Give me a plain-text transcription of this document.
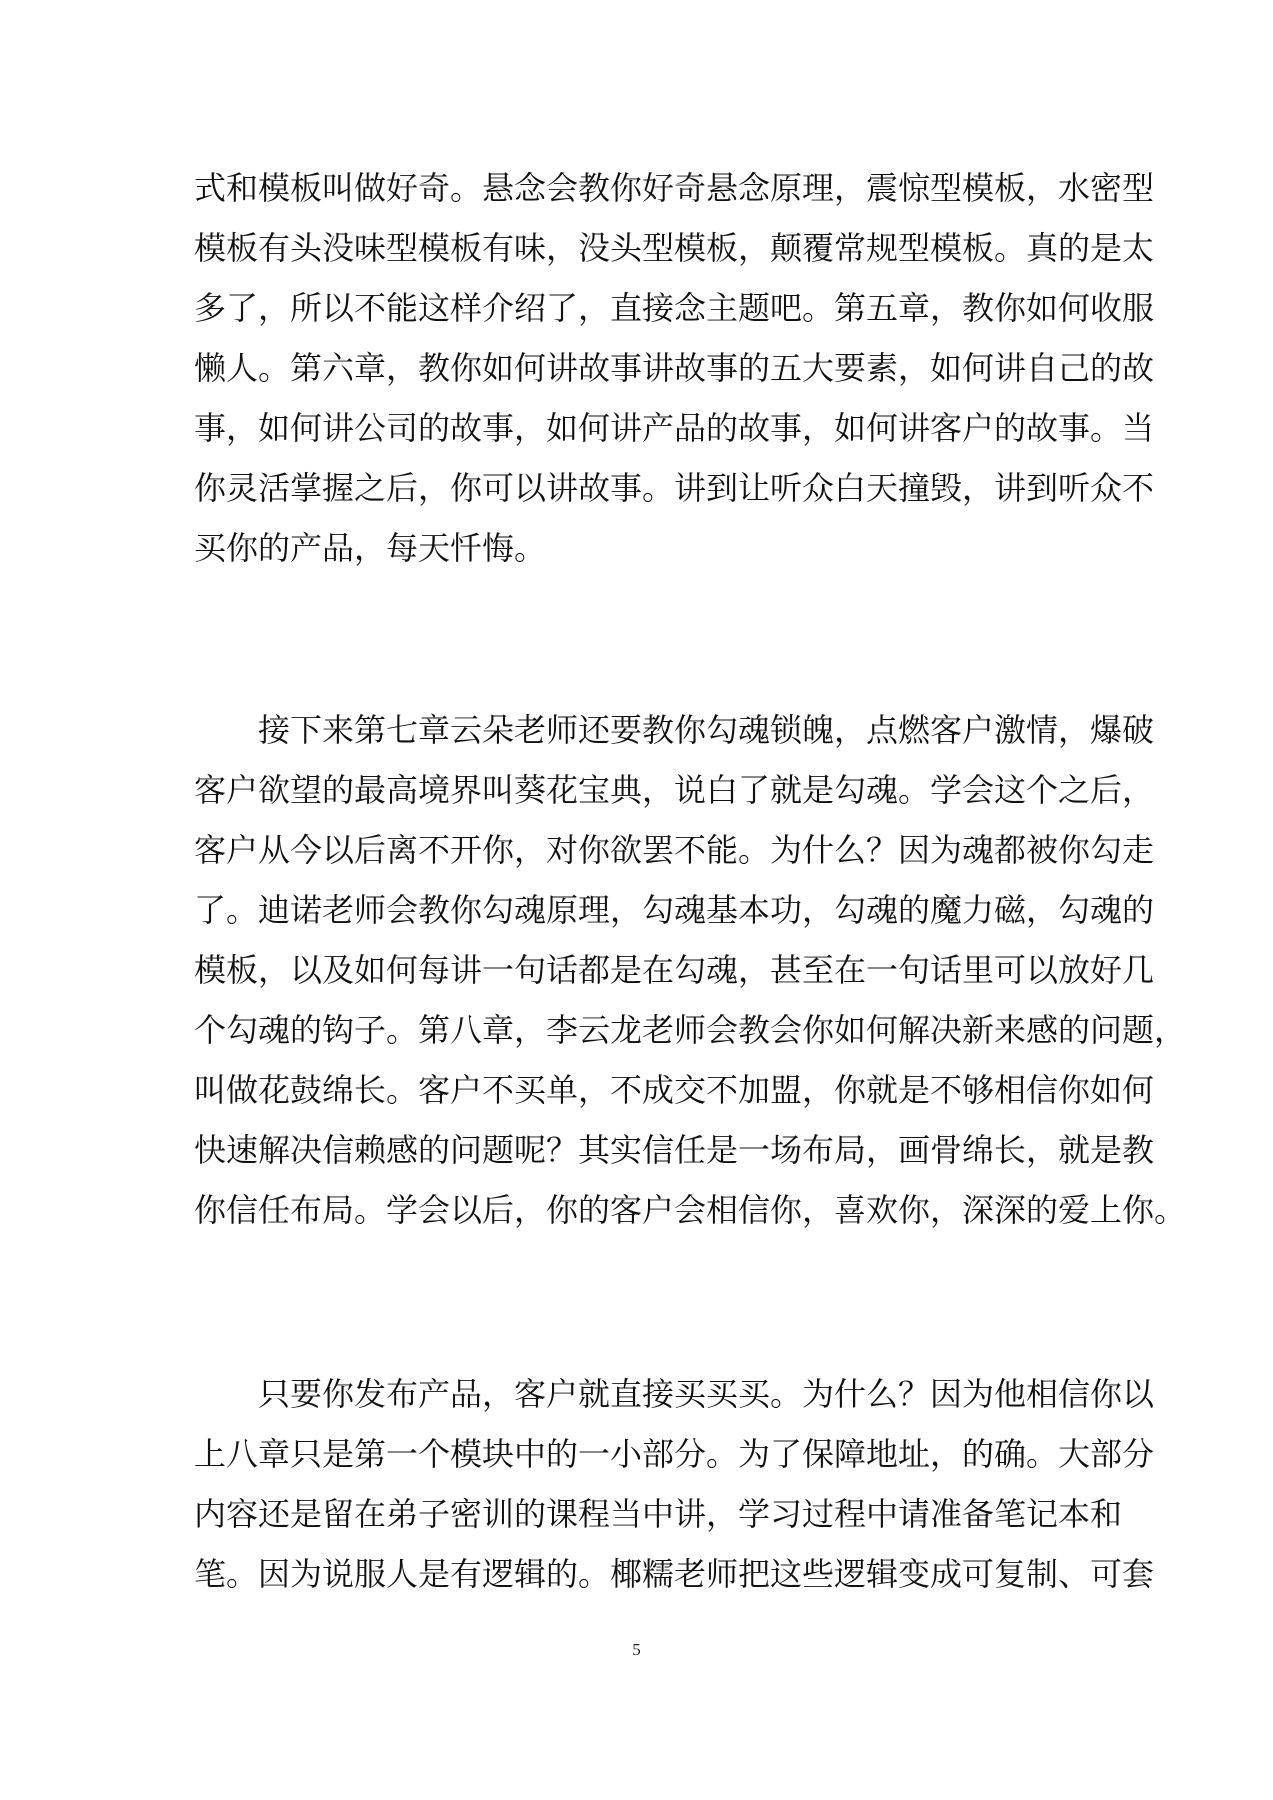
式和模板叫做好奇。悬念会教你好奇悬念原理，震惊型模板，水密型
模板有头没味型模板有味，没头型模板，颠覆常规型模板。真的是太
多了，所以不能这样介绍了，直接念主题吧。第五章，教你如何收服
懒人。第六章，教你如何讲故事讲故事的五大要素，如何讲自己的故
事，如何讲公司的故事，如何讲产品的故事，如何讲客户的故事。当
你灵活掌握之后，你可以讲故事。讲到让听众白天撞毁，讲到听众不
买你的产品，每天忏悔。
接下来第七章云朵老师还要教你勾魂锁魄，点燃客户激情，爆破
客户欲望的最高境界叫葵花宝典，说白了就是勾魂。学会这个之后，
客户从今以后离不开你，对你欲罢不能。为什么？因为魂都被你勾走
了。迪诺老师会教你勾魂原理，勾魂基本功，勾魂的魔力磁，勾魂的
模板，以及如何每讲一句话都是在勾魂，甚至在一句话里可以放好几
个勾魂的钩子。第八章，李云龙老师会教会你如何解决新来感的问题，
叫做花鼓绵长。客户不买单，不成交不加盟，你就是不够相信你如何
快速解决信赖感的问题呢？其实信任是一场布局，画骨绵长，就是教
你信任布局。学会以后，你的客户会相信你，喜欢你，深深的爱上你。
只要你发布产品，客户就直接买买买。为什么？因为他相信你以
上八章只是第一个模块中的一小部分。为了保障地址，的确。大部分
内容还是留在弟子密训的课程当中讲，学习过程中请准备笔记本和
笔。因为说服人是有逻辑的。椰糯老师把这些逻辑变成可复制、可套
5
